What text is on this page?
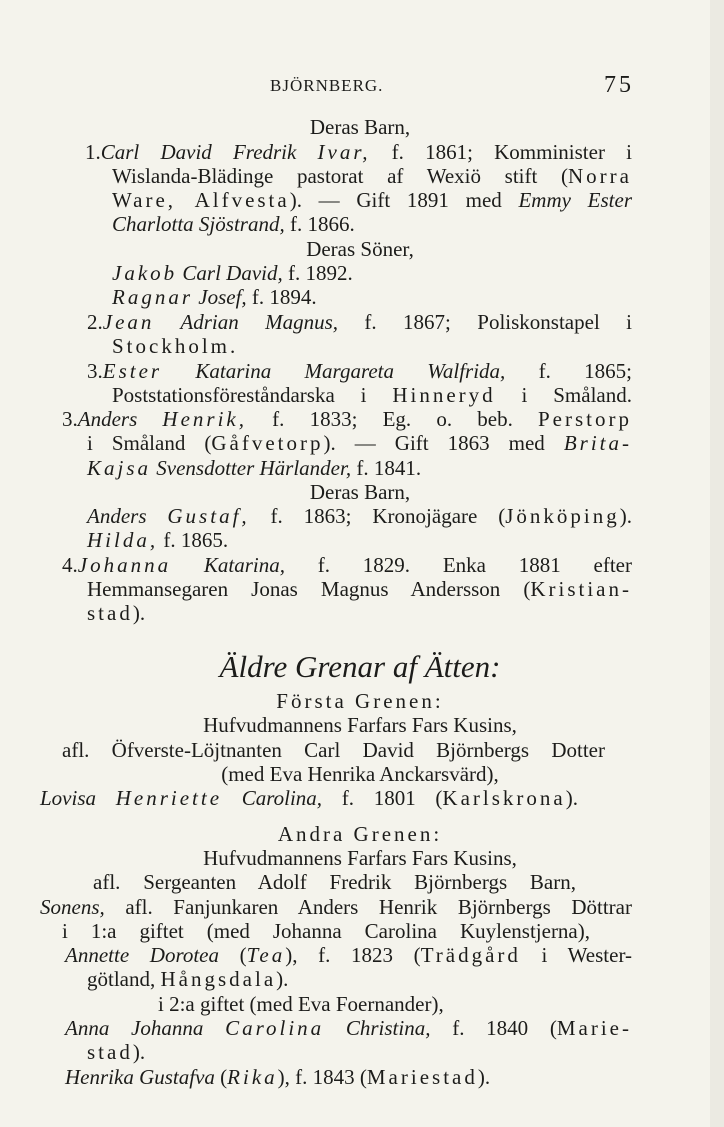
BJÖRNBERG.	75
Deras Barn,
1.Carl David Fredrik Ivar, f. 1861; Komminister i
Wislanda-Blädinge pastorat af Wexiö stift (Norra
Ware, Alfvesta). — Gift 1891 med Emmy Ester
Charlotta Sjöstrand, f. 1866.
Deras Söner,
Jakob Carl David, f. 1892.
Ragnar Josef, f. 1894.
2.Jean Adrian Magnus, f. 1867; Poliskonstapel i
Stockholm.
3.Ester Katarina Margareta Walfrida, f. 1865;
Poststationsföreståndarska i Hinneryd i Småland.
3.Anders Henrik, f. 1833; Eg. o. beb. Perstorp
i Småland (Gåfvetorp). — Gift 1863 med Brita-
Kajsa Svensdotter Härlander, f. 1841.
Deras Barn,
Anders Gustaf, f. 1863; Kronojägare (Jönköping).
Hilda, f. 1865.
4.Johanna Katarina, f. 1829. Enka 1881 efter
Hemmansegaren Jonas Magnus Andersson (Kristian-
stad).
Äldre Grenar af Ätten:
Första Grenen:
Hufvudmannens Farfars Fars Kusins,
afl. Öfverste-Löjtnanten Carl David Björnbergs Dotter
(med Eva Henrika Anckarsvärd),
Lovisa Henriette Carolina, f. 1801 (Karlskrona).
Andra Grenen:
Hufvudmannens Farfars Fars Kusins,
afl. Sergeanten Adolf Fredrik Björnbergs Barn,
Sonens, afl. Fanjunkaren Anders Henrik Björnbergs Döttrar
i 1:a giftet (med Johanna Carolina Kuylenstjerna),
Annette Dorotea (Tea), f. 1823 (Trädgård i Wester-
götland, Hångsdala).
i 2:a giftet (med Eva Foernander),
Anna Johanna Carolina Christina, f. 1840 (Marie-
stad).
Henrika Gustafva (Rika), f. 1843 (Mariestad).
